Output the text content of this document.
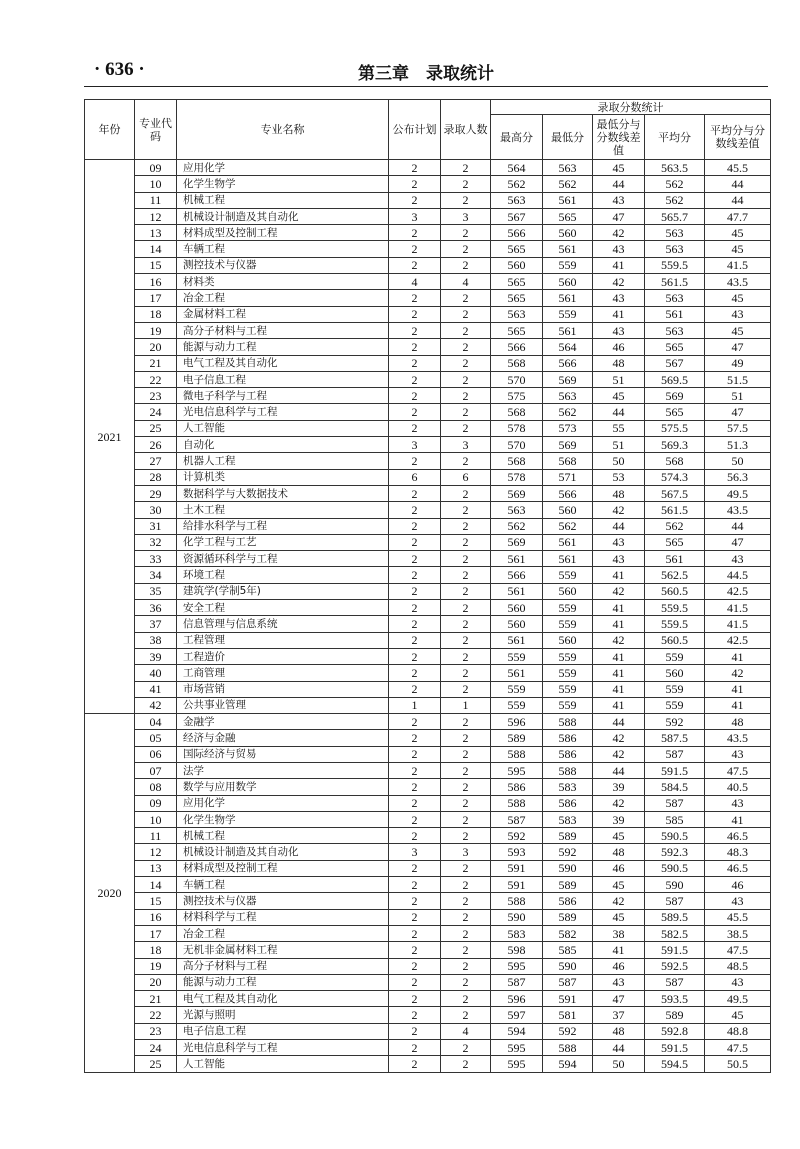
· 636 ·	第三章　录取统计
年份	专业代码	专业名称	公布计划	录取人数	录取分数统计				
					最高分	最低分	最低分与分数线差值	平均分	平均分与分数线差值
2021	09	应用化学	2	2	564	563	45	563.5	45.5
	10	化学生物学	2	2	562	562	44	562	44
	11	机械工程	2	2	563	561	43	562	44
	12	机械设计制造及其自动化	3	3	567	565	47	565.7	47.7
	13	材料成型及控制工程	2	2	566	560	42	563	45
	14	车辆工程	2	2	565	561	43	563	45
	15	测控技术与仪器	2	2	560	559	41	559.5	41.5
	16	材料类	4	4	565	560	42	561.5	43.5
	17	冶金工程	2	2	565	561	43	563	45
	18	金属材料工程	2	2	563	559	41	561	43
	19	高分子材料与工程	2	2	565	561	43	563	45
	20	能源与动力工程	2	2	566	564	46	565	47
	21	电气工程及其自动化	2	2	568	566	48	567	49
	22	电子信息工程	2	2	570	569	51	569.5	51.5
	23	微电子科学与工程	2	2	575	563	45	569	51
	24	光电信息科学与工程	2	2	568	562	44	565	47
	25	人工智能	2	2	578	573	55	575.5	57.5
	26	自动化	3	3	570	569	51	569.3	51.3
	27	机器人工程	2	2	568	568	50	568	50
	28	计算机类	6	6	578	571	53	574.3	56.3
	29	数据科学与大数据技术	2	2	569	566	48	567.5	49.5
	30	土木工程	2	2	563	560	42	561.5	43.5
	31	给排水科学与工程	2	2	562	562	44	562	44
	32	化学工程与工艺	2	2	569	561	43	565	47
	33	资源循环科学与工程	2	2	561	561	43	561	43
	34	环境工程	2	2	566	559	41	562.5	44.5
	35	建筑学(学制5年)	2	2	561	560	42	560.5	42.5
	36	安全工程	2	2	560	559	41	559.5	41.5
	37	信息管理与信息系统	2	2	560	559	41	559.5	41.5
	38	工程管理	2	2	561	560	42	560.5	42.5
	39	工程造价	2	2	559	559	41	559	41
	40	工商管理	2	2	561	559	41	560	42
	41	市场营销	2	2	559	559	41	559	41
	42	公共事业管理	1	1	559	559	41	559	41
2020	04	金融学	2	2	596	588	44	592	48
	05	经济与金融	2	2	589	586	42	587.5	43.5
	06	国际经济与贸易	2	2	588	586	42	587	43
	07	法学	2	2	595	588	44	591.5	47.5
	08	数学与应用数学	2	2	586	583	39	584.5	40.5
	09	应用化学	2	2	588	586	42	587	43
	10	化学生物学	2	2	587	583	39	585	41
	11	机械工程	2	2	592	589	45	590.5	46.5
	12	机械设计制造及其自动化	3	3	593	592	48	592.3	48.3
	13	材料成型及控制工程	2	2	591	590	46	590.5	46.5
	14	车辆工程	2	2	591	589	45	590	46
	15	测控技术与仪器	2	2	588	586	42	587	43
	16	材料科学与工程	2	2	590	589	45	589.5	45.5
	17	冶金工程	2	2	583	582	38	582.5	38.5
	18	无机非金属材料工程	2	2	598	585	41	591.5	47.5
	19	高分子材料与工程	2	2	595	590	46	592.5	48.5
	20	能源与动力工程	2	2	587	587	43	587	43
	21	电气工程及其自动化	2	2	596	591	47	593.5	49.5
	22	光源与照明	2	2	597	581	37	589	45
	23	电子信息工程	2	4	594	592	48	592.8	48.8
	24	光电信息科学与工程	2	2	595	588	44	591.5	47.5
	25	人工智能	2	2	595	594	50	594.5	50.5
